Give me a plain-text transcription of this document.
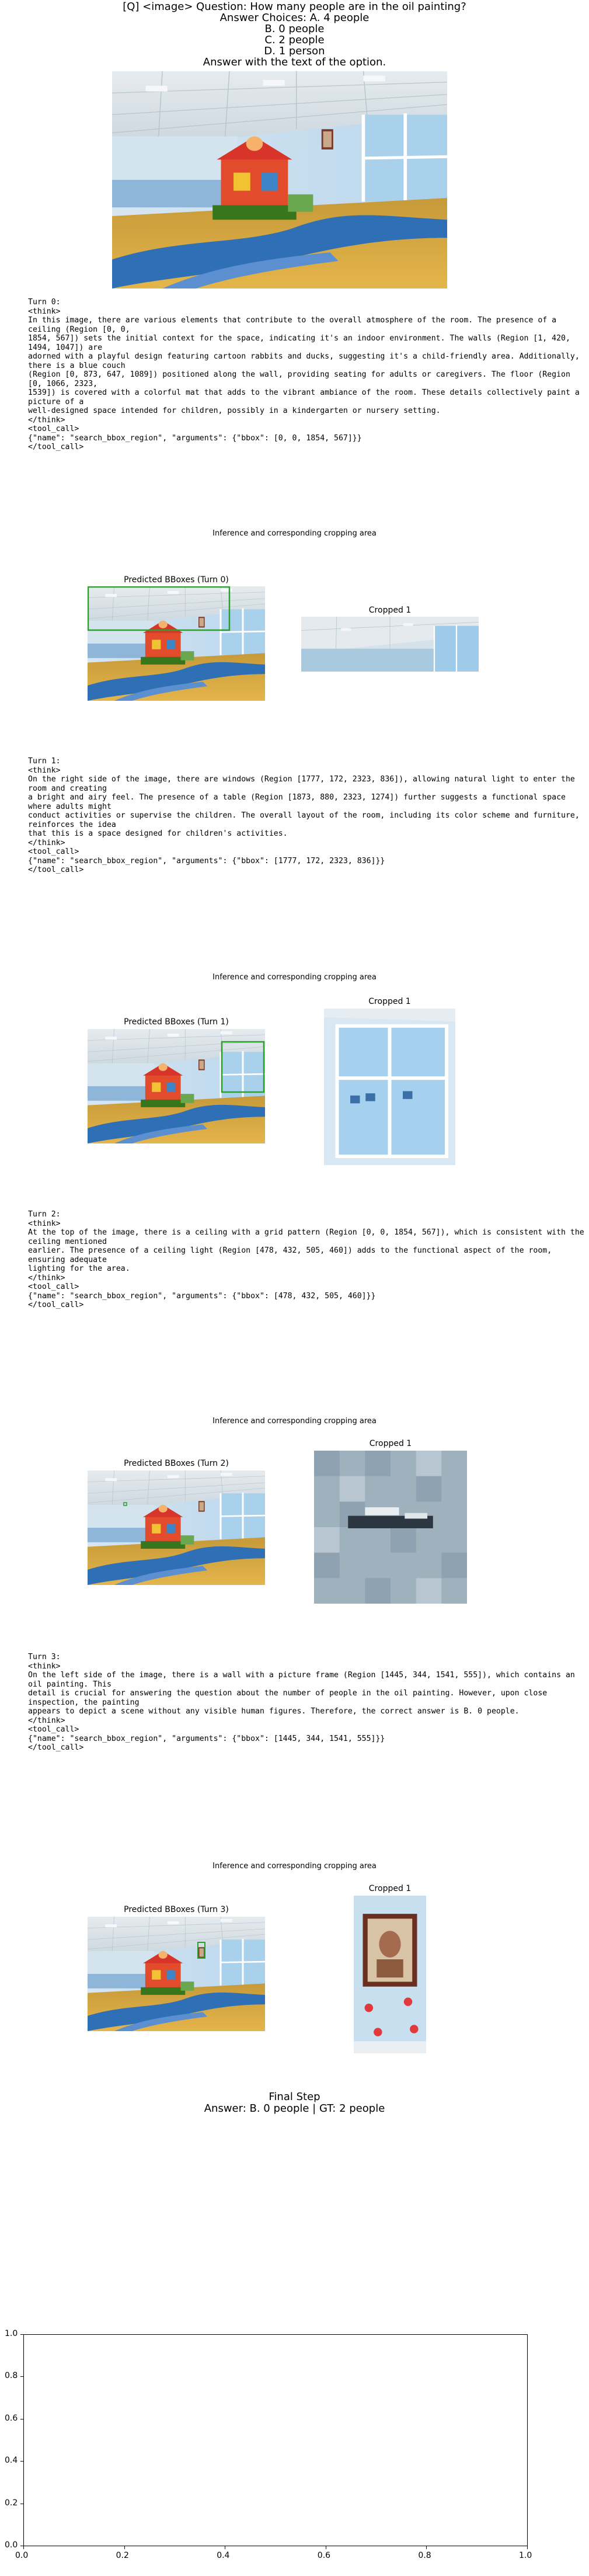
[Q] <image> Question: How many people are in the oil painting?
Answer Choices: A. 4 people
B. 0 people
C. 2 people
D. 1 person
Answer with the text of the option.
Turn 0:
<think>
In this image, there are various elements that contribute to the overall atmosphere of the room. The presence of a ceiling (Region [0, 0,
1854, 567]) sets the initial context for the space, indicating it's an indoor environment. The walls (Region [1, 420, 1494, 1047]) are
adorned with a playful design featuring cartoon rabbits and ducks, suggesting it's a child-friendly area. Additionally, there is a blue couch
(Region [0, 873, 647, 1089]) positioned along the wall, providing seating for adults or caregivers. The floor (Region [0, 1066, 2323,
1539]) is covered with a colorful mat that adds to the vibrant ambiance of the room. These details collectively paint a picture of a
well-designed space intended for children, possibly in a kindergarten or nursery setting.
</think>
<tool_call>
{"name": "search_bbox_region", "arguments": {"bbox": [0, 0, 1854, 567]}}
</tool_call>
Inference and corresponding cropping area
Predicted BBoxes (Turn 0)
Cropped 1
Turn 1:
<think>
On the right side of the image, there are windows (Region [1777, 172, 2323, 836]), allowing natural light to enter the room and creating
a bright and airy feel. The presence of a table (Region [1873, 880, 2323, 1274]) further suggests a functional space where adults might
conduct activities or supervise the children. The overall layout of the room, including its color scheme and furniture, reinforces the idea
that this is a space designed for children's activities.
</think>
<tool_call>
{"name": "search_bbox_region", "arguments": {"bbox": [1777, 172, 2323, 836]}}
</tool_call>
Inference and corresponding cropping area
Predicted BBoxes (Turn 1)
Cropped 1
Turn 2:
<think>
At the top of the image, there is a ceiling with a grid pattern (Region [0, 0, 1854, 567]), which is consistent with the ceiling mentioned
earlier. The presence of a ceiling light (Region [478, 432, 505, 460]) adds to the functional aspect of the room, ensuring adequate
lighting for the area.
</think>
<tool_call>
{"name": "search_bbox_region", "arguments": {"bbox": [478, 432, 505, 460]}}
</tool_call>
Inference and corresponding cropping area
Predicted BBoxes (Turn 2)
Cropped 1
Turn 3:
<think>
On the left side of the image, there is a wall with a picture frame (Region [1445, 344, 1541, 555]), which contains an oil painting. This
detail is crucial for answering the question about the number of people in the oil painting. However, upon close inspection, the painting
appears to depict a scene without any visible human figures. Therefore, the correct answer is B. 0 people.
</think>
<tool_call>
{"name": "search_bbox_region", "arguments": {"bbox": [1445, 344, 1541, 555]}}
</tool_call>
Inference and corresponding cropping area
Predicted BBoxes (Turn 3)
Cropped 1
Final Step
Answer: B. 0 people | GT: 2 people
0.0	0.2	0.4	0.6	0.8	1.0
0.0
0.2
0.4
0.6
0.8
1.0
